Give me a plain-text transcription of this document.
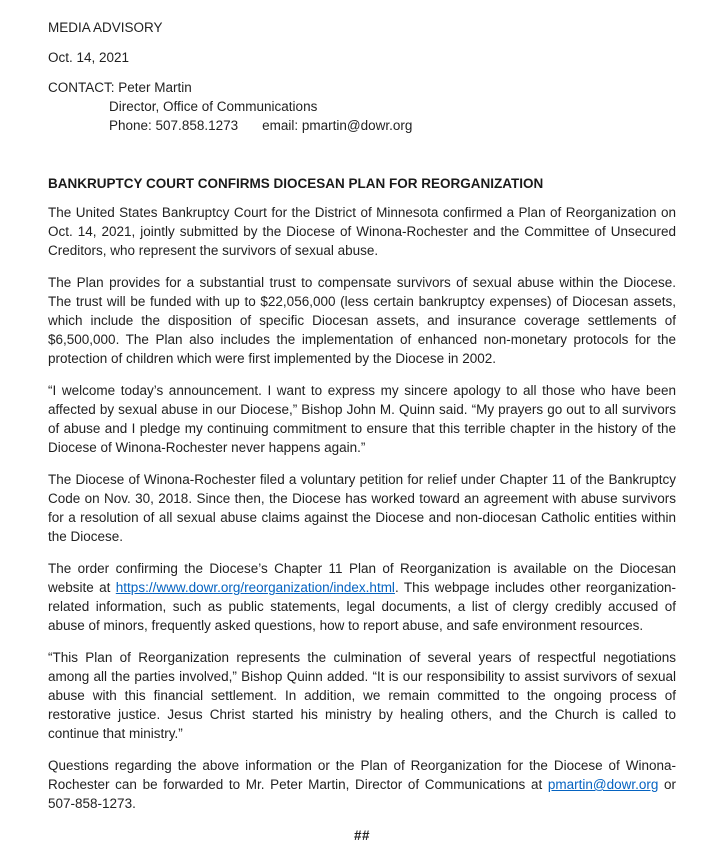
MEDIA ADVISORY

Oct. 14, 2021

CONTACT: Peter Martin
Director, Office of Communications
Phone: 507.858.1273 email: pmartin@dowr.org
BANKRUPTCY COURT CONFIRMS DIOCESAN PLAN FOR REORGANIZATION

The United States Bankruptcy Court for the District of Minnesota confirmed a Plan of Reorganization on Oct. 14, 2021, jointly submitted by the Diocese of Winona-Rochester and the Committee of Unsecured Creditors, who represent the survivors of sexual abuse.

The Plan provides for a substantial trust to compensate survivors of sexual abuse within the Diocese. The trust will be funded with up to $22,056,000 (less certain bankruptcy expenses) of Diocesan assets, which include the disposition of specific Diocesan assets, and insurance coverage settlements of $6,500,000. The Plan also includes the implementation of enhanced non-monetary protocols for the protection of children which were first implemented by the Diocese in 2002.

“I welcome today’s announcement. I want to express my sincere apology to all those who have been affected by sexual abuse in our Diocese,” Bishop John M. Quinn said. “My prayers go out to all survivors of abuse and I pledge my continuing commitment to ensure that this terrible chapter in the history of the Diocese of Winona-Rochester never happens again.”

The Diocese of Winona-Rochester filed a voluntary petition for relief under Chapter 11 of the Bankruptcy Code on Nov. 30, 2018. Since then, the Diocese has worked toward an agreement with abuse survivors for a resolution of all sexual abuse claims against the Diocese and non-diocesan Catholic entities within the Diocese.

The order confirming the Diocese’s Chapter 11 Plan of Reorganization is available on the Diocesan website at https://www.dowr.org/reorganization/index.html. This webpage includes other reorganization-related information, such as public statements, legal documents, a list of clergy credibly accused of abuse of minors, frequently asked questions, how to report abuse, and safe environment resources.

“This Plan of Reorganization represents the culmination of several years of respectful negotiations among all the parties involved,” Bishop Quinn added. “It is our responsibility to assist survivors of sexual abuse with this financial settlement. In addition, we remain committed to the ongoing process of restorative justice. Jesus Christ started his ministry by healing others, and the Church is called to continue that ministry.”

Questions regarding the above information or the Plan of Reorganization for the Diocese of Winona-Rochester can be forwarded to Mr. Peter Martin, Director of Communications at pmartin@dowr.org or 507-858-1273.

##
